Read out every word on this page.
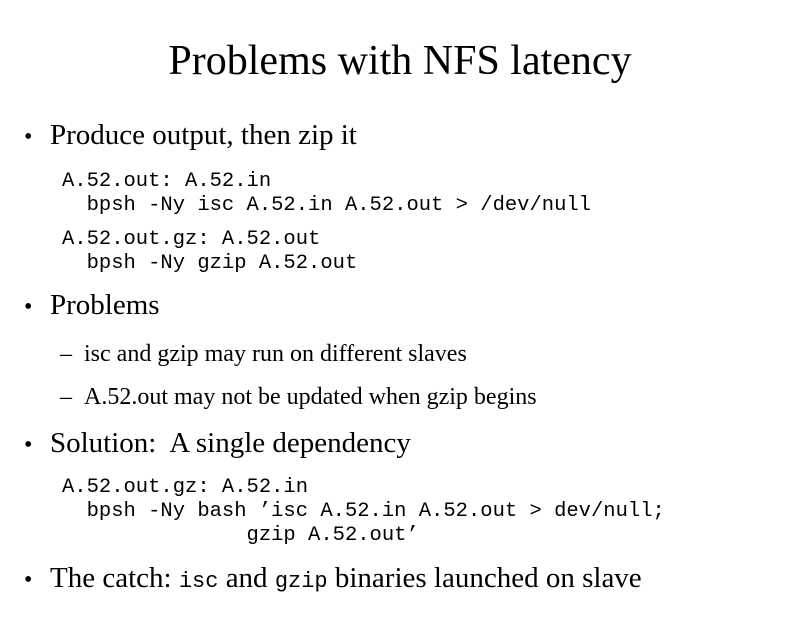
Problems with NFS latency
• Produce output, then zip it
A.52.out: A.52.in
bpsh -Ny isc A.52.in A.52.out > /dev/null
A.52.out.gz: A.52.out
bpsh -Ny gzip A.52.out
• Problems
– isc and gzip may run on different slaves
– A.52.out may not be updated when gzip begins
• Solution:  A single dependency
A.52.out.gz: A.52.in
bpsh -Ny bash ’isc A.52.in A.52.out > dev/null;
gzip A.52.out’
• The catch: isc and gzip binaries launched on slave
